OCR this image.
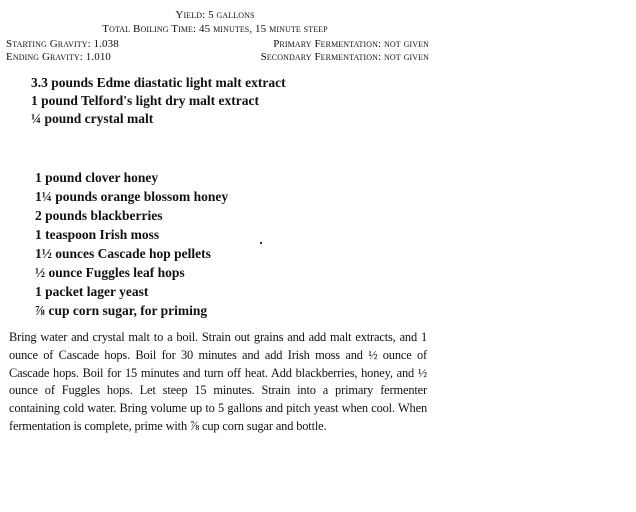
Yield: 5 gallons
Total Boiling Time: 45 minutes, 15 minute steep
Starting Gravity: 1.038	Primary Fermentation: not given
Ending Gravity: 1.010	Secondary Fermentation: not given
3.3 pounds Edme diastatic light malt extract
1 pound Telford's light dry malt extract
¼ pound crystal malt
1 pound clover honey
1¼ pounds orange blossom honey
2 pounds blackberries
1 teaspoon Irish moss
1½ ounces Cascade hop pellets
½ ounce Fuggles leaf hops
1 packet lager yeast
⅞ cup corn sugar, for priming
Bring water and crystal malt to a boil. Strain out grains and add malt extracts, and 1 ounce of Cascade hops. Boil for 30 minutes and add Irish moss and ½ ounce of Cascade hops. Boil for 15 minutes and turn off heat. Add blackberries, honey, and ½ ounce of Fuggles hops. Let steep 15 minutes. Strain into a primary fermenter containing cold water. Bring volume up to 5 gallons and pitch yeast when cool. When fermentation is complete, prime with ⅞ cup corn sugar and bottle.
